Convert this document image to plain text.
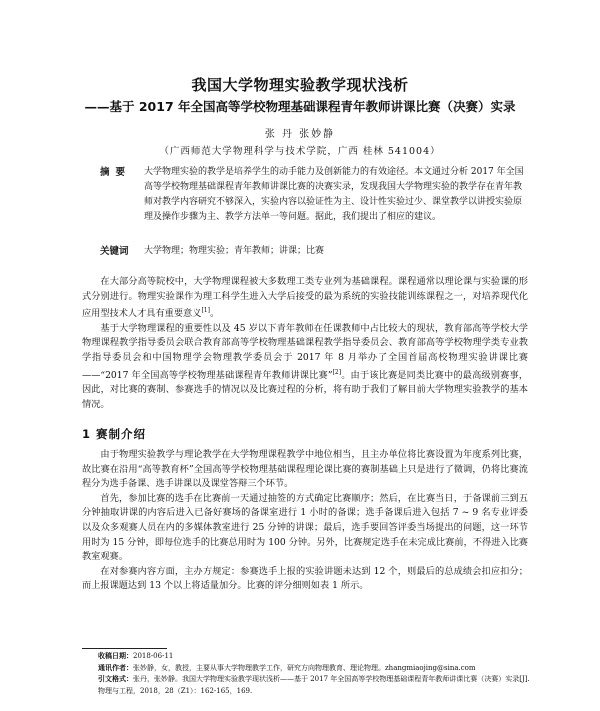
我国大学物理实验教学现状浅析
——基于 2017 年全国高等学校物理基础课程青年教师讲课比赛（决赛）实录
张 丹 张妙静
（广西师范大学物理科学与技术学院，广西 桂林 541004）
摘要	大学物理实验的教学是培养学生的动手能力及创新能力的有效途径。本文通过分析 2017 年全国高等学校物理基础课程青年教师讲课比赛的决赛实录，发现我国大学物理实验的教学存在青年教师对教学内容研究不够深入，实验内容以验证性为主、设计性实验过少、课堂教学以讲授实验原理及操作步骤为主、教学方法单一等问题。据此，我们提出了相应的建议。
关键词 大学物理；物理实验；青年教师；讲课；比赛

在大部分高等院校中，大学物理课程被大多数理工类专业列为基础课程。课程通常以理论课与实验课的形式分别进行。物理实验课作为理工科学生进入大学后接受的最为系统的实验技能训练课程之一，对培养现代化应用型技术人才具有重要意义[1]。

基于大学物理课程的重要性以及 45 岁以下青年教师在任课教师中占比较大的现状，教育部高等学校大学物理课程教学指导委员会联合教育部高等学校物理基础课程教学指导委员会、教育部高等学校物理学类专业教学指导委员会和中国物理学会物理教学委员会于 2017 年 8 月举办了全国首届高校物理实验讲课比赛——“2017 年全国高等学校物理基础课程青年教师讲课比赛”[2]。由于该比赛是同类比赛中的最高级别赛事，因此，对比赛的赛制、参赛选手的情况以及比赛过程的分析，将有助于我们了解目前大学物理实验教学的基本情况。

1 赛制介绍

由于物理实验教学与理论教学在大学物理课程教学中地位相当，且主办单位将比赛设置为年度系列比赛，故比赛在沿用“高等教育杯”全国高等学校物理基础课程理论课比赛的赛制基础上只是进行了微调，仍将比赛流程分为选手备课、选手讲课以及课堂答辩三个环节。

首先，参加比赛的选手在比赛前一天通过抽签的方式确定比赛顺序；然后，在比赛当日，于备课前三到五分钟抽取讲课的内容后进入已备好赛场的备课室进行 1 小时的备课；选手备课后进入包括 7 ~ 9 名专业评委以及众多观赛人员在内的多媒体教室进行 25 分钟的讲课；最后，选手要回答评委当场提出的问题，这一环节用时为 15 分钟，即每位选手的比赛总用时为 100 分钟。另外，比赛规定选手在未完成比赛前，不得进入比赛教室观赛。

在对参赛内容方面，主办方规定：参赛选手上报的实验讲题未达到 12 个，则最后的总成绩会扣应扣分；而上报课题达到 13 个以上将适量加分。比赛的评分细则如表 1 所示。

收稿日期：2018-06-11
通讯作者：张妙静，女，教授，主要从事大学物理教学工作，研究方向物理教育、理论物理。zhangmiaojing@sina.com
引文格式：张丹，张妙静。我国大学物理实验教学现状浅析——基于 2017 年全国高等学校物理基础课程青年教师讲课比赛（决赛）实录[J]. 物理与工程，2018，28（Z1）：162-165，169.
